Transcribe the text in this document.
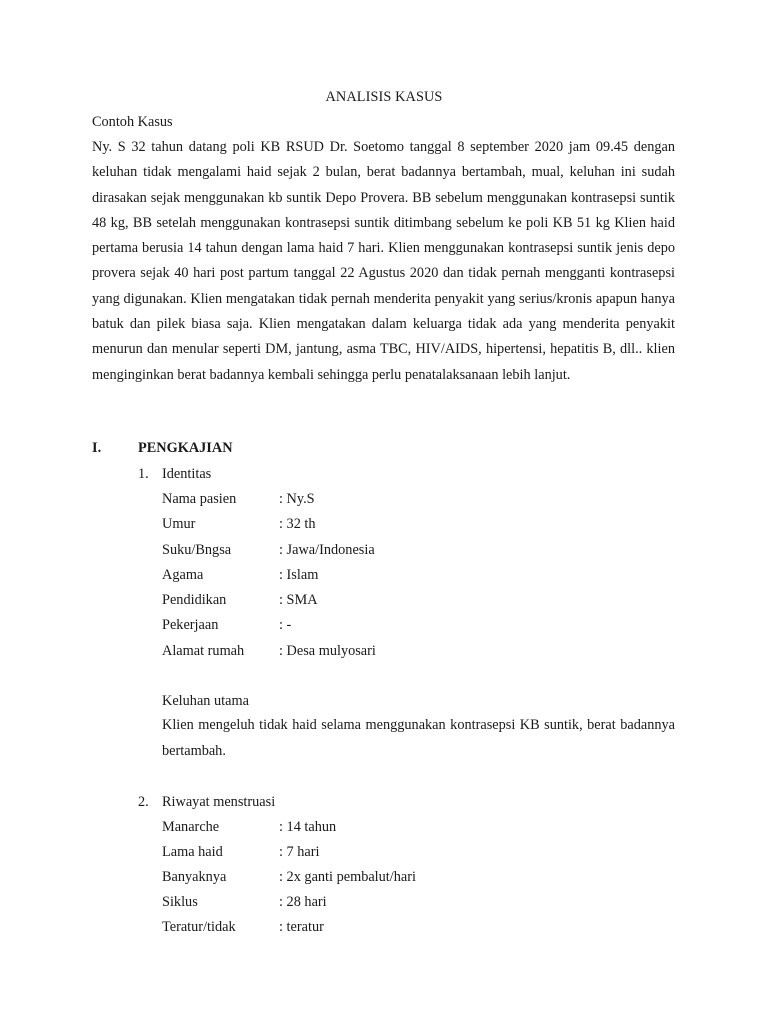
ANALISIS KASUS
Contoh Kasus
Ny. S 32 tahun datang poli KB RSUD Dr. Soetomo tanggal 8 september 2020 jam 09.45 dengan keluhan tidak mengalami haid sejak 2 bulan, berat badannya bertambah, mual, keluhan ini sudah dirasakan sejak menggunakan kb suntik Depo Provera. BB sebelum menggunakan kontrasepsi suntik 48 kg, BB setelah menggunakan kontrasepsi suntik ditimbang sebelum ke poli KB 51 kg Klien haid pertama berusia 14 tahun dengan lama haid 7 hari. Klien menggunakan kontrasepsi suntik jenis depo provera sejak 40 hari post partum tanggal 22 Agustus 2020 dan tidak pernah mengganti kontrasepsi yang digunakan. Klien mengatakan tidak pernah menderita penyakit yang serius/kronis apapun hanya batuk dan pilek biasa saja. Klien mengatakan dalam keluarga tidak ada yang menderita penyakit menurun dan menular seperti DM, jantung, asma TBC, HIV/AIDS, hipertensi, hepatitis B, dll.. klien menginginkan berat badannya kembali sehingga perlu penatalaksanaan lebih lanjut.
I.	PENGKAJIAN
1. Identitas
Nama pasien	: Ny.S
Umur	: 32 th
Suku/Bngsa	: Jawa/Indonesia
Agama	: Islam
Pendidikan	: SMA
Pekerjaan	: -
Alamat rumah : Desa mulyosari
Keluhan utama
Klien mengeluh tidak haid selama menggunakan kontrasepsi KB suntik, berat badannya bertambah.
2. Riwayat menstruasi
Manarche	: 14 tahun
Lama haid	: 7 hari
Banyaknya	: 2x ganti pembalut/hari
Siklus	: 28 hari
Teratur/tidak	: teratur
